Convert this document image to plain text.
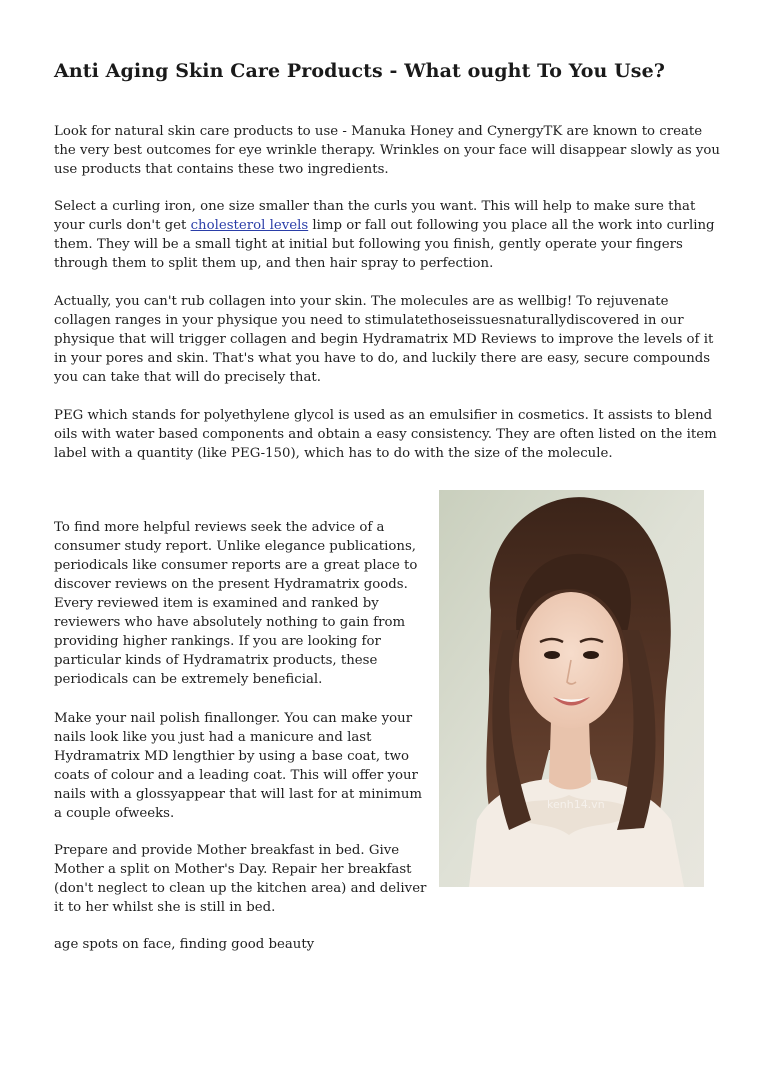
Anti Aging Skin Care Products - What ought To You Use?

Look for natural skin care products to use - Manuka Honey and CynergyTK are known to create the very best outcomes for eye wrinkle therapy. Wrinkles on your face will disappear slowly as you use products that contains these two ingredients.

Select a curling iron, one size smaller than the curls you want. This will help to make sure that your curls don't get cholesterol levels limp or fall out following you place all the work into curling them. They will be a small tight at initial but following you finish, gently operate your fingers through them to split them up, and then hair spray to perfection.

Actually, you can't rub collagen into your skin. The molecules are as wellbig! To rejuvenate collagen ranges in your physique you need to stimulatethoseissuesnaturallydiscovered in our physique that will trigger collagen and begin Hydramatrix MD Reviews to improve the levels of it in your pores and skin. That's what you have to do, and luckily there are easy, secure compounds you can take that will do precisely that.

PEG which stands for polyethylene glycol is used as an emulsifier in cosmetics. It assists to blend oils with water based components and obtain a easy consistency. They are often listed on the item label with a quantity (like PEG-150), which has to do with the size of the molecule.

To find more helpful reviews seek the advice of a consumer study report. Unlike elegance publications, periodicals like consumer reports are a great place to discover reviews on the present Hydramatrix goods. Every reviewed item is examined and ranked by reviewers who have absolutely nothing to gain from providing higher rankings. If you are looking for particular kinds of Hydramatrix products, these periodicals can be extremely beneficial.

Make your nail polish finallonger. You can make your nails look like you just had a manicure and last Hydramatrix MD lengthier by using a base coat, two coats of colour and a leading coat. This will offer your nails with a glossyappear that will last for at minimum a couple ofweeks.

Prepare and provide Mother breakfast in bed. Give Mother a split on Mother's Day. Repair her breakfast (don't neglect to clean up the kitchen area) and deliver it to her whilst she is still in bed.

age spots on face, finding good beauty

kenh14.vn
